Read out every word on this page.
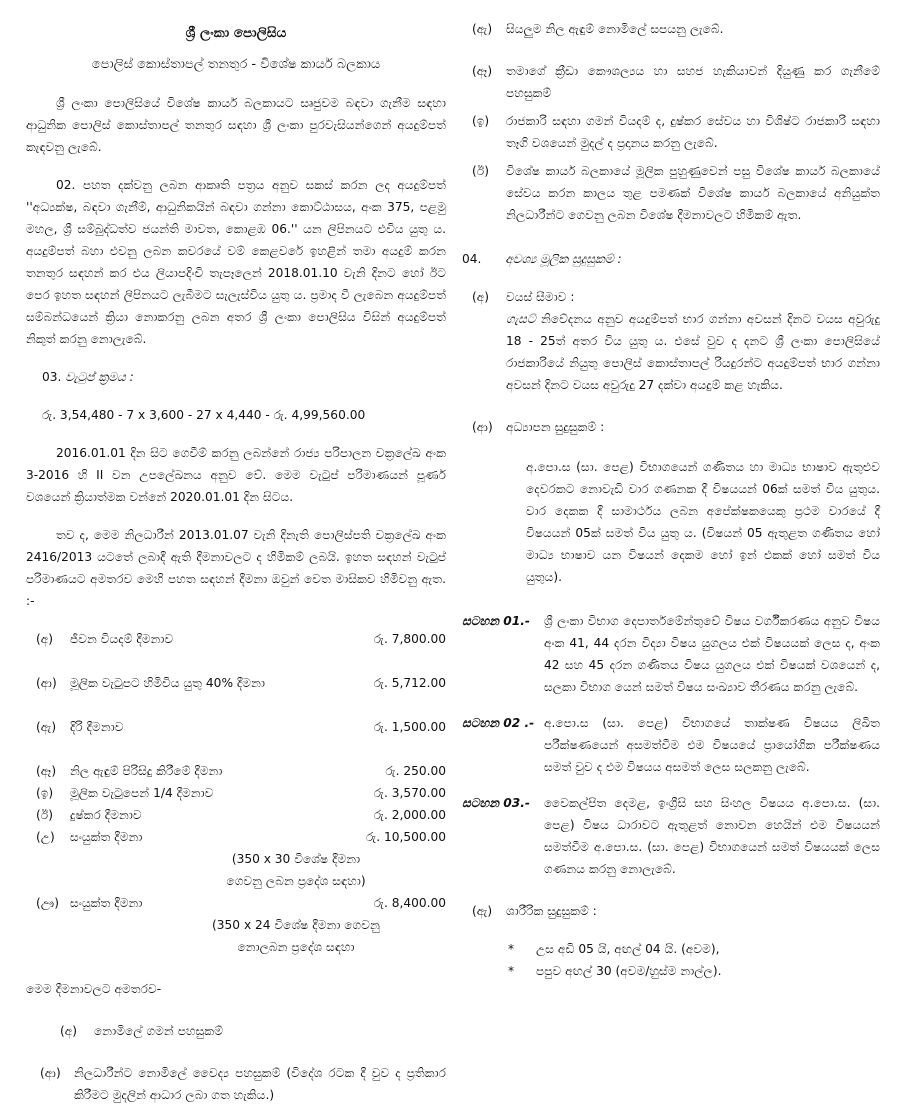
ශ්‍රී ලංකා පොලිසිය
පොලිස් කොස්තාපල් තනතුර - විශේෂ කාර්ය බලකාය
ශ්‍රී ලංකා පොලිසියේ විශේෂ කාර්ය බලකායට සෘජුවම බඳවා ගැනීම සඳහා ආධුනික පොලිස් කොස්තාපල් තනතුර සඳහා ශ්‍රී ලංකා පුරවැසියන්ගෙන් අයදුම්පත් කැඳවනු ලැබේ.
02. පහත දක්වනු ලබන ආකෘති පත්‍රය අනුව සකස් කරන ලද අයදුම්පත් ''අධ්‍යක්ෂ, බඳවා ගැනීම්, ආධුනිකයින් බඳවා ගන්නා කොට්ඨාසය, අංක 375, පළමු මහල, ශ්‍රී සම්බුද්ධත්ව ජයන්ති මාවත, කොළඹ 06.'' යන ලිපිනයට එවිය යුතු ය. අයදුම්පත් බහා එවනු ලබන කවරයේ වම් කෙළවරේ ඉහළින් තමා අයදුම් කරන තනතුර සඳහන් කර එය ලියාපදිංචි තැපෑලෙන් 2018.01.10 වැනි දිනට හෝ ඊට පෙර ඉහත සඳහන් ලිපිනයට ලැබීමට සැලැස්විය යුතු ය. ප්‍රමාද වී ලැබෙන අයදුම්පත් සම්බන්ධයෙන් ක්‍රියා නොකරනු ලබන අතර ශ්‍රී ලංකා පොලිසිය විසින් අයදුම්පත් නිකුත් කරනු නොලැබේ.
03. වැටුප් ක්‍රමය :
රු. 3,54,480 - 7 x 3,600 - 27 x 4,440 - රු. 4,99,560.00
2016.01.01 දින සිට ගෙවීම් කරනු ලබන්නේ රාජ්‍ය පරිපාලන චක්‍රලේඛ අංක 3-2016 හි II වන උපලේඛනය අනුව වේ. මෙම වැටුප් පරිමාණයන් පූර්ණ වශයෙන් ක්‍රියාත්මක වන්නේ 2020.01.01 දින සිටය.
තව ද, මෙම නිලධාරීන් 2013.01.07 වැනි දිනැති පොලිස්පති චක්‍රලේඛ අංක 2416/2013 යටතේ ලබාදී ඇති දීමනාවලට ද හිමිකම් ලබයි. ඉහත සඳහන් වැටුප් පරිමාණයට අමතරව මෙහි පහත සඳහන් දීමනා ඔවුන් වෙත මාසිකව හිමිවනු ඇත. :-
(අ)	ජීවන වියදම් දීමනාව	රු. 7,800.00
(ආ)	මූලික වැටුපට හිමිවිය යුතු 40% දීමනා	රු. 5,712.00
(ඇ)	දිරි දීමනාව	රු. 1,500.00
(ඈ)	නිල ඇඳුම් පිරිසිදු කිරීමේ දීමනා	රු. 250.00
(ඉ)	මූලික වැටුපෙන් 1/4 දීමනාව	රු. 3,570.00
(ඊ)	දුෂ්කර දීමනාව	රු. 2,000.00
(උ)	සංයුක්ත දීමනා	රු. 10,500.00
(350 x 30 විශේෂ දීමනා
ගෙවනු ලබන ප්‍රදේශ සඳහා)
(ඌ) සංයුක්ත දීමනා	රු. 8,400.00
(350 x 24 විශේෂ දීමනා ගෙවනු
නොලබන ප්‍රදේශ සඳහා
මෙම දීමනාවලට අමතරව-
(අ)	නොමිලේ ගමන් පහසුකම්
(ආ)	නිලධාරීන්ට නොමිලේ වෛද්‍ය පහසුකම් (විදේශ රටක දී වුව ද ප්‍රතිකාර කිරීමට මුදලින් ආධාර ලබා ගත හැකිය.)
(ඇ)	සියලුම නිල ඇඳුම් නොමිලේ සපයනු ලැබේ.
(ඈ)	තමාගේ ක්‍රීඩා කෞශල්‍යය හා සහජ හැකියාවන් දියුණු කර ගැනීමේ පහසුකම්
(ඉ)	රාජකාරි සඳහා ගමන් වියදම් ද, දුෂ්කර සේවය හා විශිෂ්ට රාජකාරි සඳහා තෑගි වශයෙන් මුදල් ද ප්‍රදානය කරනු ලැබේ.
(ඊ)	විශේෂ කාර්ය බලකායේ මූලික පුහුණුවෙන් පසු විශේෂ කාර්ය බලකායේ සේවය කරන කාලය තුළ පමණක් විශේෂ කාර්ය බලකායේ අනියුක්ත නිලධාරීන්ට ගෙවනු ලබන විශේෂ දීමනාවලට හිමිකම් ඇත.
04. අවශ්‍ය මූලික සුදුසුකම් :
(අ)	වයස් සීමාව :
ගැසට් නිවේදනය අනුව අයදුම්පත් භාර ගන්නා අවසන් දිනට වයස අවුරුදු 18 - 25ත් අතර විය යුතු ය. එසේ වුව ද දනට ශ්‍රී ලංකා පොලිසියේ රාජකාරියේ නියුතු පොලිස් කොස්තාපල් රියදුරන්ට අයදුම්පත් භාර ගන්නා අවසන් දිනට වයස අවුරුදු 27 දක්වා අයදුම් කළ හැකිය.
(ආ)	අධ්‍යාපන සුදුසුකම් :
අ.පො.ස (සා. පෙළ) විභාගයෙන් ගණිතය හා මාධ්‍ය භාෂාව ඇතුළුව දෙවරකට නොවැඩි වාර ගණනක දී විෂයයන් 06ක් සමත් විය යුතුය. වාර දෙකක දී සාමාර්ථය ලබන අපේක්ෂකයෙකු ප්‍රථම වාරයේ දී විෂයයන් 05ක් සමත් විය යුතු ය. (විෂයන් 05 ඇතුළත ගණිතය හෝ මාධ්‍ය භාෂාව යන විෂයන් දෙකම හෝ ඉන් එකක් හෝ සමත් විය යුතුය).
සටහන 01.-	ශ්‍රී ලංකා විභාග දෙපාර්තමේන්තුවේ විෂය වර්ගීකරණය අනුව විෂය අංක 41, 44 දරන විද්‍යා විෂය යුගලය එක් විෂයයක් ලෙස ද, අංක 42 සහ 45 දරන ගණිතය විෂය යුගලය එක් විෂයක් වශයෙන් ද, සලකා විභාග යෙන් සමත් විෂය සංඛ්‍යාව තීරණය කරනු ලැබේ.
සටහන 02 .- අ.පො.ස (සා. පෙළ) විභාගයේ තාක්ෂණ විෂයය ලිඛිත පරීක්ෂණයෙන් අසමත්වීම එම විෂයයේ ප්‍රායෝගික පරීක්ෂණය සමත් වුව ද එම විෂයය අසමත් ලෙස සලකනු ලැබේ.
සටහන 03.-	වෛකල්පිත දෙමළ, ඉංග්‍රීසි සහ සිංහල විෂයය අ.පො.ස. (සා. පෙළ) විෂය ධාරාවට ඇතුළත් නොවන හෙයින් එම විෂයයන් සමත්වීම අ.පො.ස. (සා. පෙළ) විභාගයෙන් සමත් විෂයයක් ලෙස ගණනය කරනු නොලැබේ.
(ඇ)	ශාරීරික සුදුසුකම් :
*	උස අඩි 05 යි, අඟල් 04 යි. (අවම),
*	පපුව අඟල් 30 (අවම/හුස්ම නාල්ල).
